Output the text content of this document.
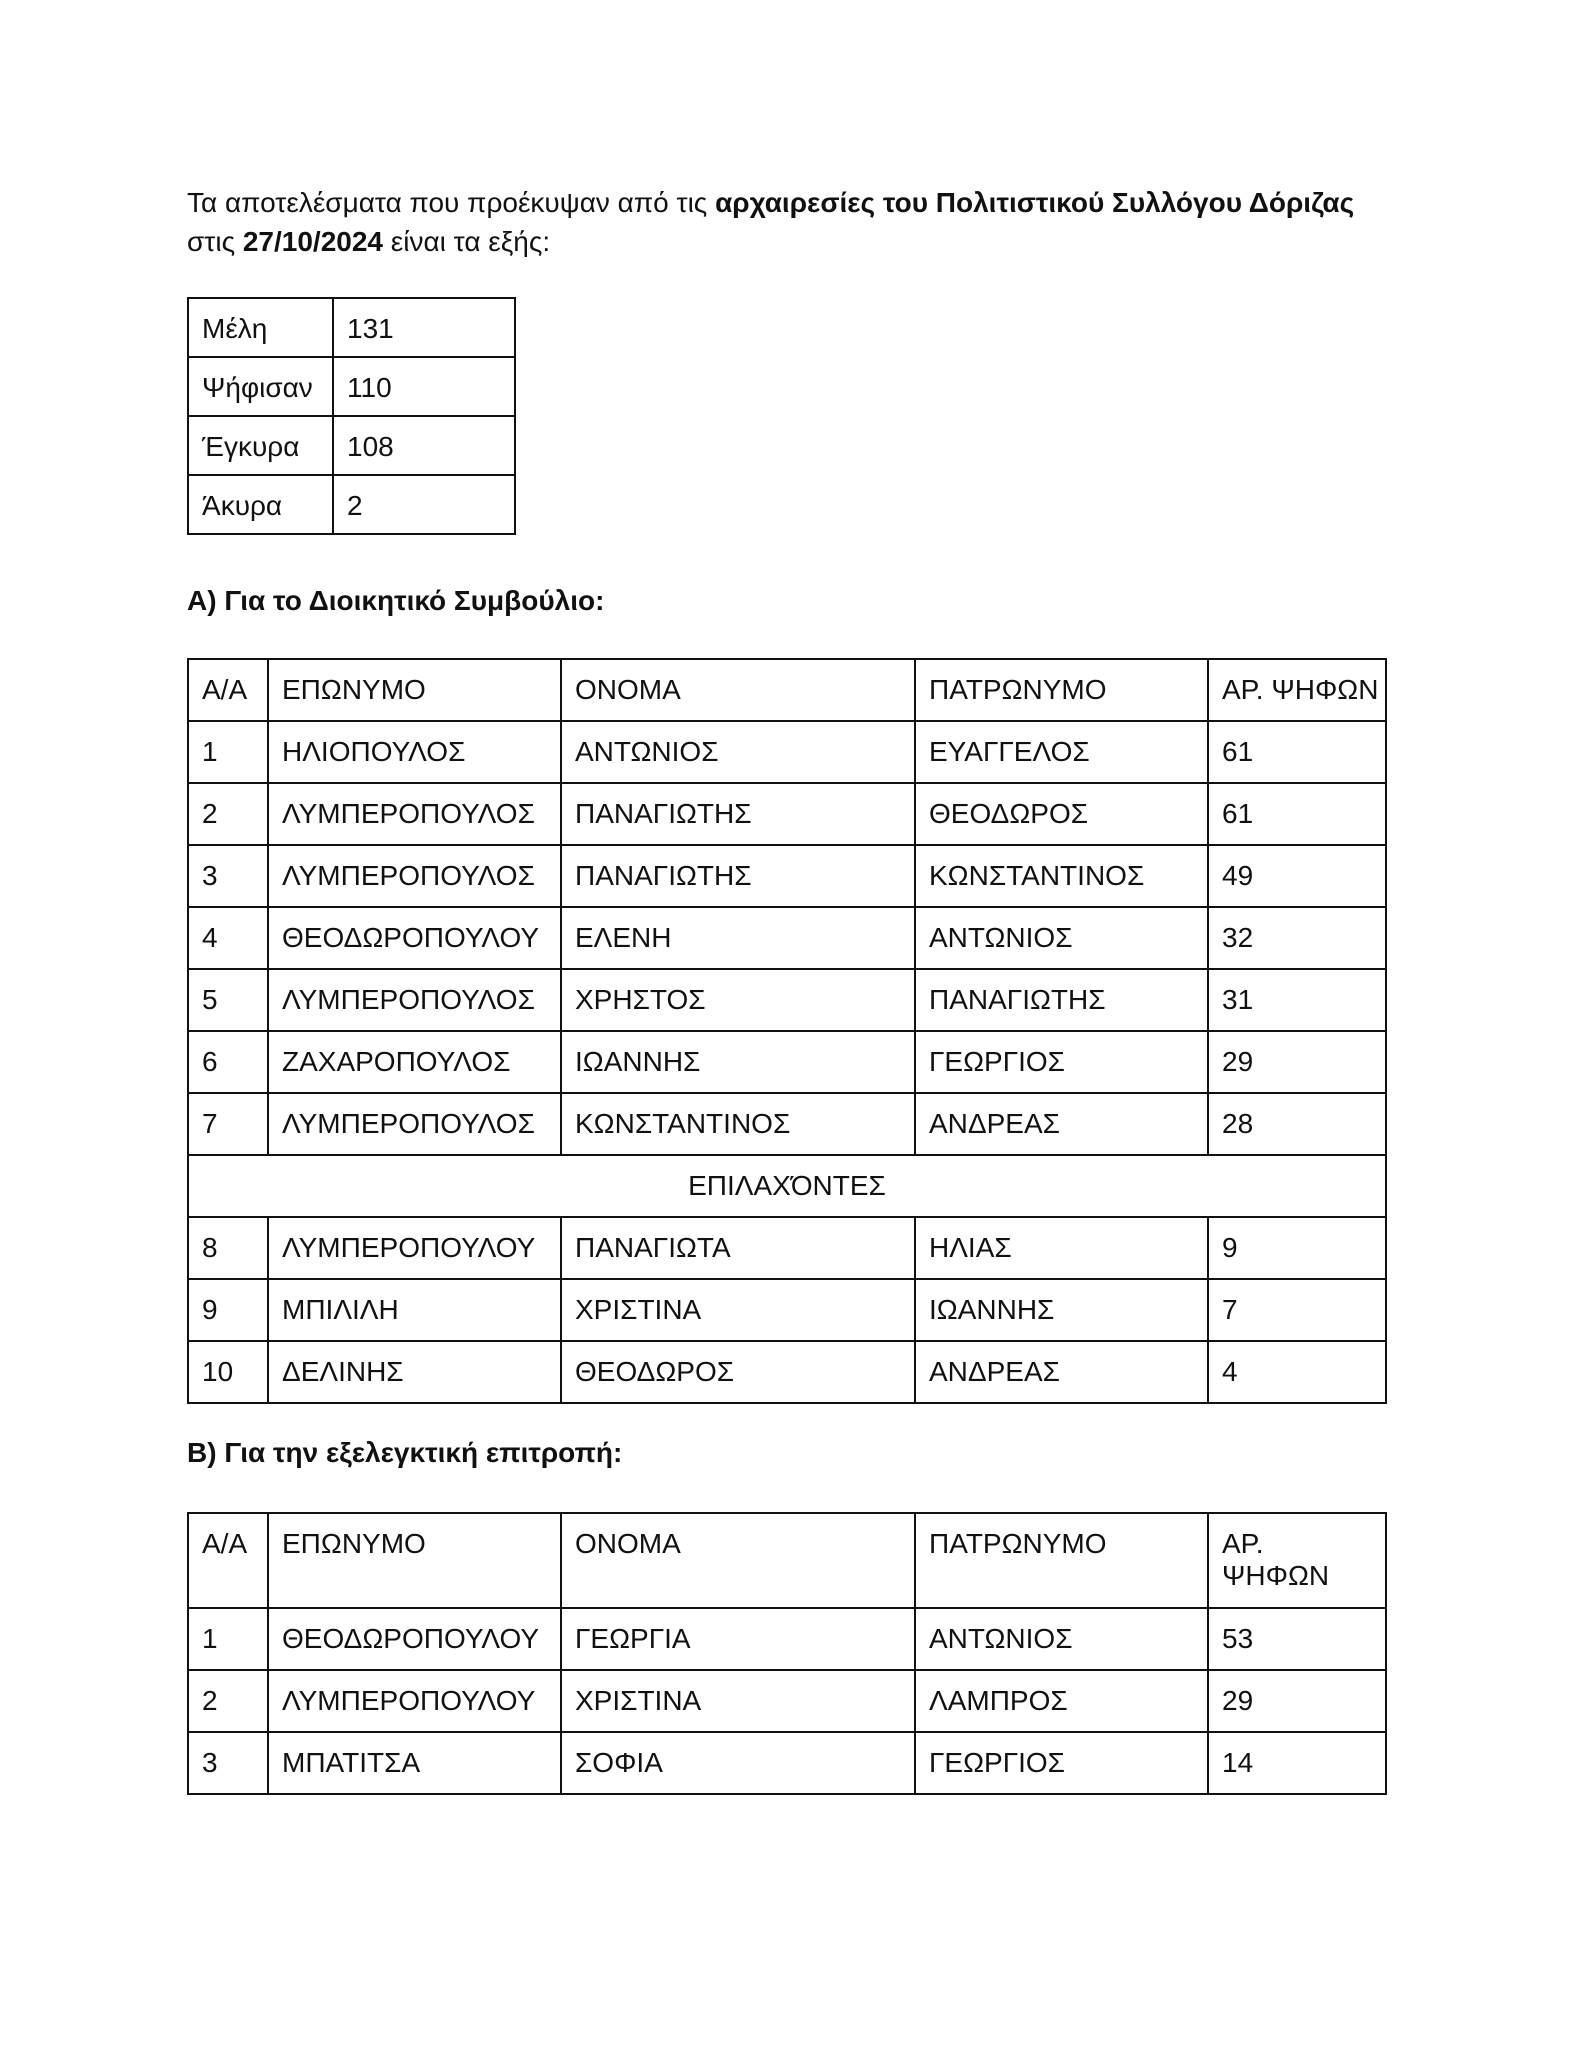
Τα αποτελέσματα που προέκυψαν από τις αρχαιρεσίες του Πολιτιστικού Συλλόγου Δόριζας
στις 27/10/2024 είναι τα εξής:
Μέλη	131
Ψήφισαν	110
Έγκυρα	108
Άκυρα	2
Α) Για το Διοικητικό Συμβούλιο:
Α/Α	ΕΠΩΝΥΜΟ	ΟΝΟΜΑ	ΠΑΤΡΩΝΥΜΟ	ΑΡ. ΨΗΦΩΝ
1	ΗΛΙΟΠΟΥΛΟΣ	ΑΝΤΩΝΙΟΣ	ΕΥΑΓΓΕΛΟΣ	61
2	ΛΥΜΠΕΡΟΠΟΥΛΟΣ	ΠΑΝΑΓΙΩΤΗΣ	ΘΕΟΔΩΡΟΣ	61
3	ΛΥΜΠΕΡΟΠΟΥΛΟΣ	ΠΑΝΑΓΙΩΤΗΣ	ΚΩΝΣΤΑΝΤΙΝΟΣ	49
4	ΘΕΟΔΩΡΟΠΟΥΛΟΥ	ΕΛΕΝΗ	ΑΝΤΩΝΙΟΣ	32
5	ΛΥΜΠΕΡΟΠΟΥΛΟΣ	ΧΡΗΣΤΟΣ	ΠΑΝΑΓΙΩΤΗΣ	31
6	ΖΑΧΑΡΟΠΟΥΛΟΣ	ΙΩΑΝΝΗΣ	ΓΕΩΡΓΙΟΣ	29
7	ΛΥΜΠΕΡΟΠΟΥΛΟΣ	ΚΩΝΣΤΑΝΤΙΝΟΣ	ΑΝΔΡΕΑΣ	28
ΕΠΙΛΑΧΌΝΤΕΣ				
8	ΛΥΜΠΕΡΟΠΟΥΛΟΥ	ΠΑΝΑΓΙΩΤΑ	ΗΛΙΑΣ	9
9	ΜΠΙΛΙΛΗ	ΧΡΙΣΤΙΝΑ	ΙΩΑΝΝΗΣ	7
10	ΔΕΛΙΝΗΣ	ΘΕΟΔΩΡΟΣ	ΑΝΔΡΕΑΣ	4
Β) Για την εξελεγκτική επιτροπή:
Α/Α	ΕΠΩΝΥΜΟ	ΟΝΟΜΑ	ΠΑΤΡΩΝΥΜΟ	ΑΡ. ΨΗΦΩΝ
1	ΘΕΟΔΩΡΟΠΟΥΛΟΥ	ΓΕΩΡΓΙΑ	ΑΝΤΩΝΙΟΣ	53
2	ΛΥΜΠΕΡΟΠΟΥΛΟΥ	ΧΡΙΣΤΙΝΑ	ΛΑΜΠΡΟΣ	29
3	ΜΠΑΤΙΤΣΑ	ΣΟΦΙΑ	ΓΕΩΡΓΙΟΣ	14
